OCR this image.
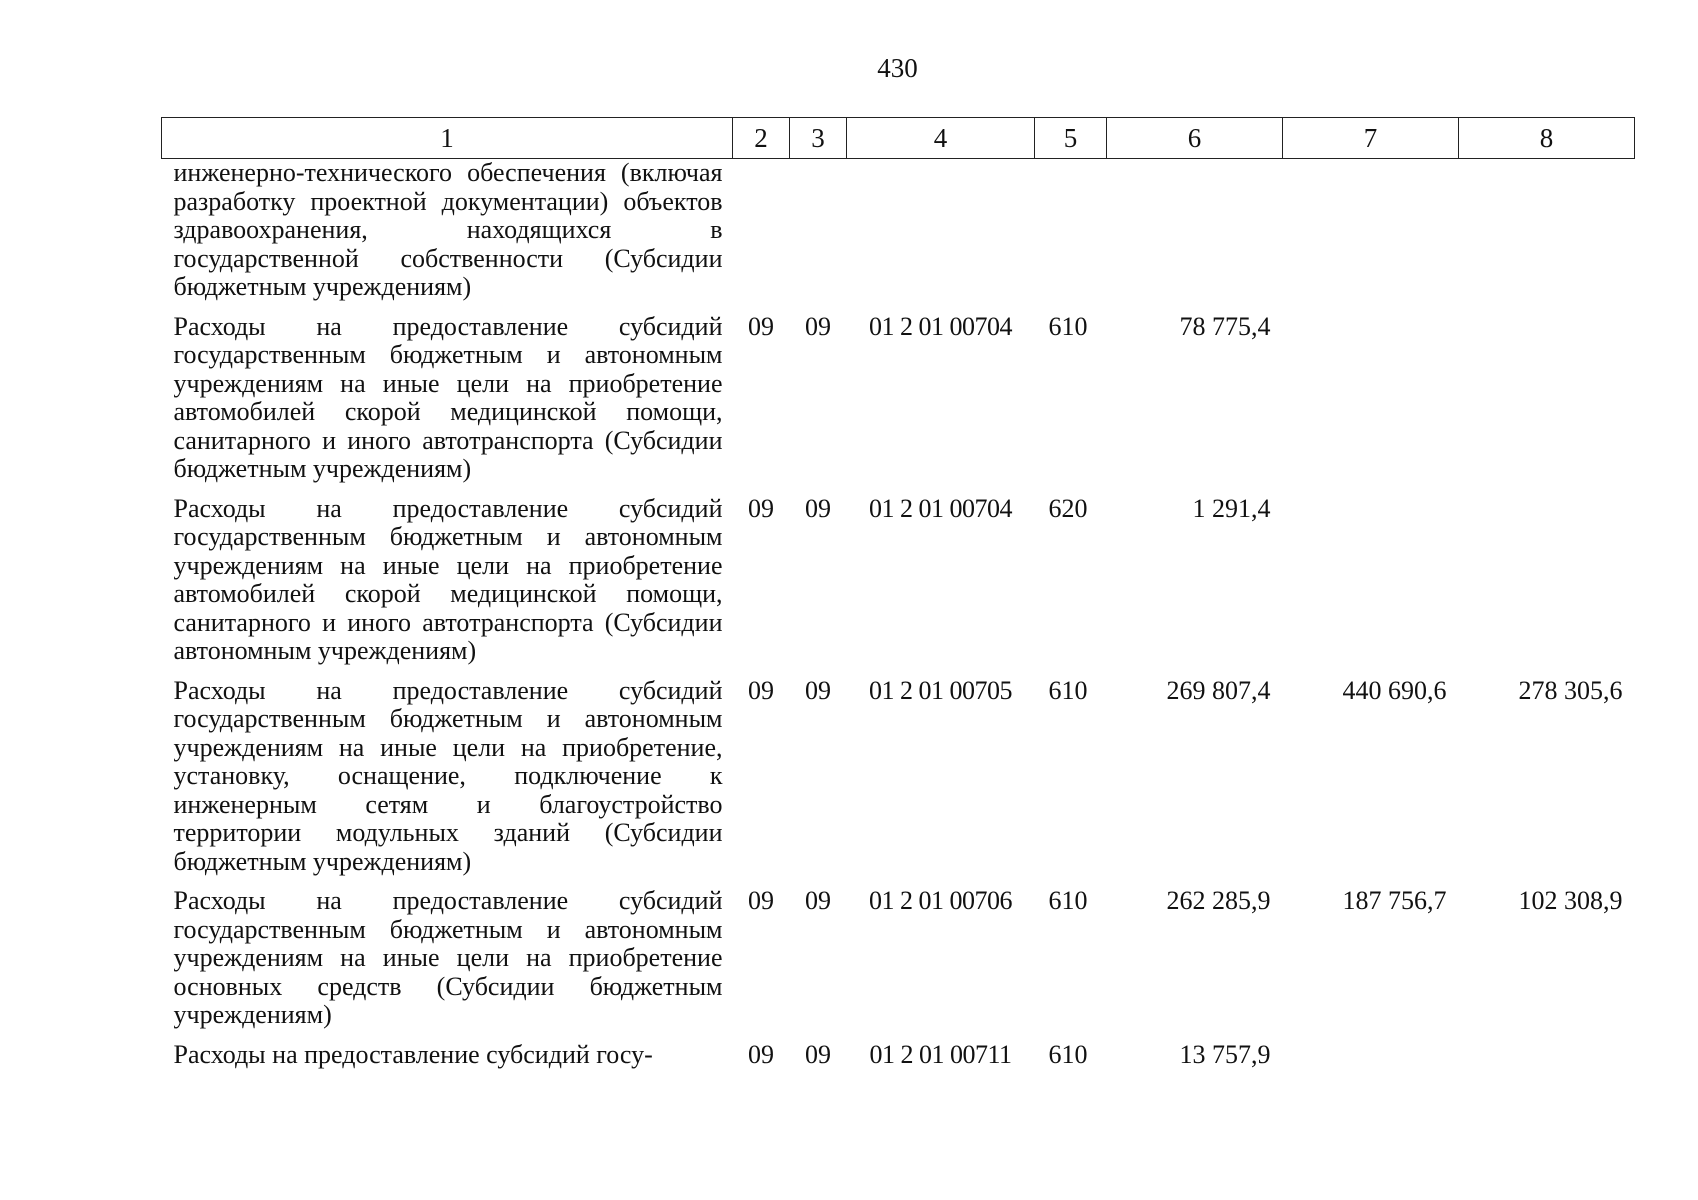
430
1	2	3	4	5	6	7	8
инженерно-технического обеспечения (включая разработку проектной документации) объектов здравоохранения, находящихся в государственной собственности (Субсидии бюджетным учреждениям)							
Расходы на предоставление субсидий государственным бюджетным и автономным учреждениям на иные цели на приобретение автомобилей скорой медицинской помощи, санитарного и иного автотранспорта (Субсидии бюджетным учреждениям)	09	09	01 2 01 00704	610	78 775,4		
Расходы на предоставление субсидий государственным бюджетным и автономным учреждениям на иные цели на приобретение автомобилей скорой медицинской помощи, санитарного и иного автотранспорта (Субсидии автономным учреждениям)	09	09	01 2 01 00704	620	1 291,4		
Расходы на предоставление субсидий государственным бюджетным и автономным учреждениям на иные цели на приобретение, установку, оснащение, подключение к инженерным сетям и благоустройство территории модульных зданий (Субсидии бюджетным учреждениям)	09	09	01 2 01 00705	610	269 807,4	440 690,6	278 305,6
Расходы на предоставление субсидий государственным бюджетным и автономным учреждениям на иные цели на приобретение основных средств (Субсидии бюджетным учреждениям)	09	09	01 2 01 00706	610	262 285,9	187 756,7	102 308,9
Расходы на предоставление субсидий госу-	09	09	01 2 01 00711	610	13 757,9		
